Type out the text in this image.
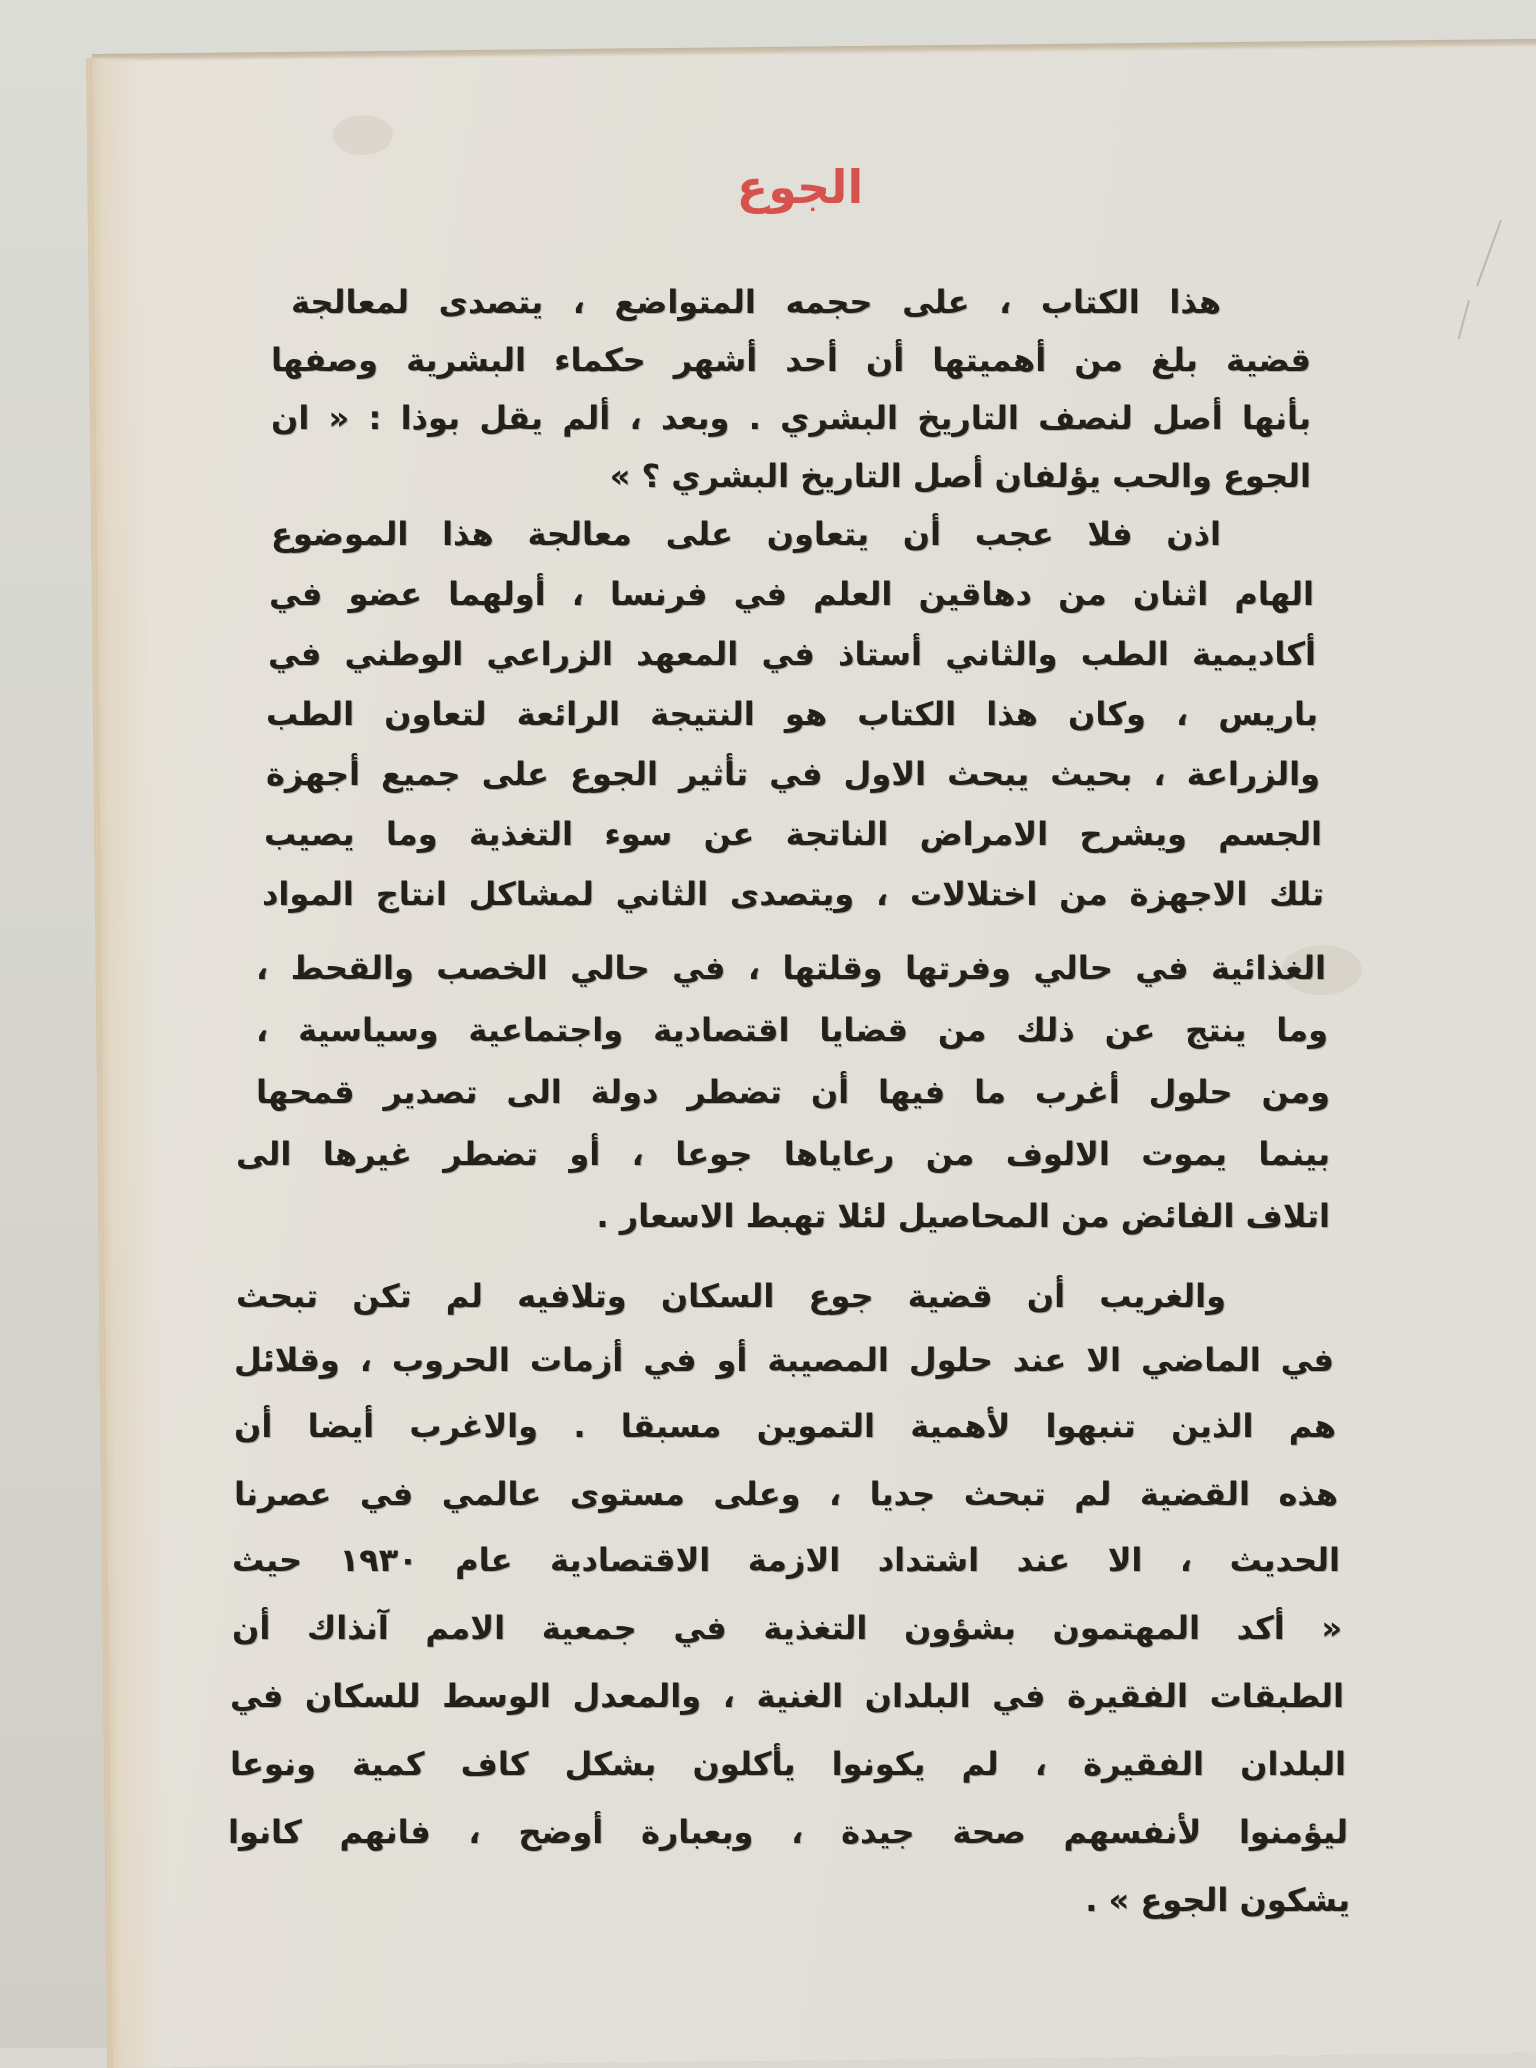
الجوع
هذا الكتاب ، على حجمه المتواضع ، يتصدى لمعالجة
قضية بلغ من أهميتها أن أحد أشهر حكماء البشرية وصفها
بأنها أصل لنصف التاريخ البشري . وبعد ، ألم يقل بوذا : « ان
الجوع والحب يؤلفان أصل التاريخ البشري ؟ »
اذن فلا عجب أن يتعاون على معالجة هذا الموضوع
الهام اثنان من دهاقين العلم في فرنسا ، أولهما عضو في
أكاديمية الطب والثاني أستاذ في المعهد الزراعي الوطني في
باريس ، وكان هذا الكتاب هو النتيجة الرائعة لتعاون الطب
والزراعة ، بحيث يبحث الاول في تأثير الجوع على جميع أجهزة
الجسم ويشرح الامراض الناتجة عن سوء التغذية وما يصيب
تلك الاجهزة من اختلالات ، ويتصدى الثاني لمشاكل انتاج المواد
الغذائية في حالي وفرتها وقلتها ، في حالي الخصب والقحط ،
وما ينتج عن ذلك من قضايا اقتصادية واجتماعية وسياسية ،
ومن حلول أغرب ما فيها أن تضطر دولة الى تصدير قمحها
بينما يموت الالوف من رعاياها جوعا ، أو تضطر غيرها الى
اتلاف الفائض من المحاصيل لئلا تهبط الاسعار .
والغريب أن قضية جوع السكان وتلافيه لم تكن تبحث
في الماضي الا عند حلول المصيبة أو في أزمات الحروب ، وقلائل
هم الذين تنبهوا لأهمية التموين مسبقا . والاغرب أيضا أن
هذه القضية لم تبحث جديا ، وعلى مستوى عالمي في عصرنا
الحديث ، الا عند اشتداد الازمة الاقتصادية عام ١٩٣٠ حيث
« أكد المهتمون بشؤون التغذية في جمعية الامم آنذاك أن
الطبقات الفقيرة في البلدان الغنية ، والمعدل الوسط للسكان في
البلدان الفقيرة ، لم يكونوا يأكلون بشكل كاف كمية ونوعا
ليؤمنوا لأنفسهم صحة جيدة ، وبعبارة أوضح ، فانهم كانوا
يشكون الجوع » .
